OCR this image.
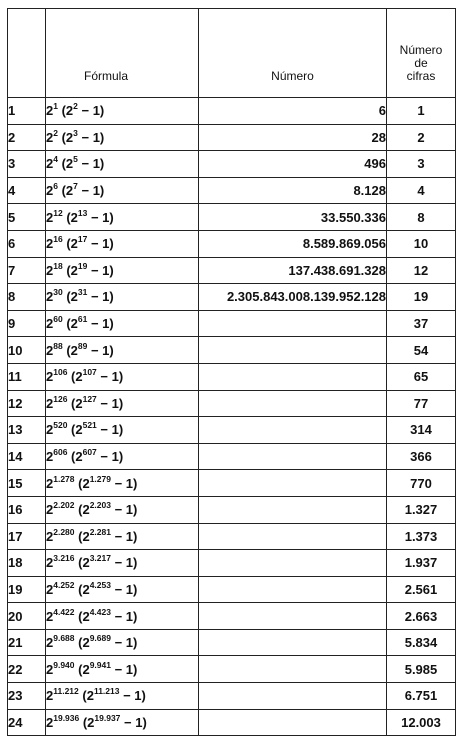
	Fórmula	Número	Número
de
cifras

1	$2^1$ $(2^2 - 1)$	6	1
2	$2^2$ $(2^3 - 1)$	28	2
3	$2^4$ $(2^5 - 1)$	496	3
4	$2^6$ $(2^7 - 1)$	8.128	4
5	$2^{12}$ $(2^{13} - 1)$	33.550.336	8
6	$2^{16}$ $(2^{17} - 1)$	8.589.869.056	10
7	$2^{18}$ $(2^{19} - 1)$	137.438.691.328	12
8	$2^{30}$ $(2^{31} - 1)$	2.305.843.008.139.952.128	19
9	$2^{60}$ $(2^{61} - 1)$		37
10	$2^{88}$ $(2^{89} - 1)$		54
11	$2^{106}$ $(2^{107} - 1)$		65
12	$2^{126}$ $(2^{127} - 1)$		77
13	$2^{520}$ $(2^{521} - 1)$		314
14	$2^{606}$ $(2^{607} - 1)$		366
15	$2^{1.278}$ $(2^{1.279} - 1)$		770
16	$2^{2.202}$ $(2^{2.203} - 1)$		1.327
17	$2^{2.280}$ $(2^{2.281} - 1)$		1.373
18	$2^{3.216}$ $(2^{3.217} - 1)$		1.937
19	$2^{4.252}$ $(2^{4.253} - 1)$		2.561
20	$2^{4.422}$ $(2^{4.423} - 1)$		2.663
21	$2^{9.688}$ $(2^{9.689} - 1)$		5.834
22	$2^{9.940}$ $(2^{9.941} - 1)$		5.985
23	$2^{11.212}$ $(2^{11.213} - 1)$		6.751
24	$2^{19.936}$ $(2^{19.937} - 1)$		12.003
